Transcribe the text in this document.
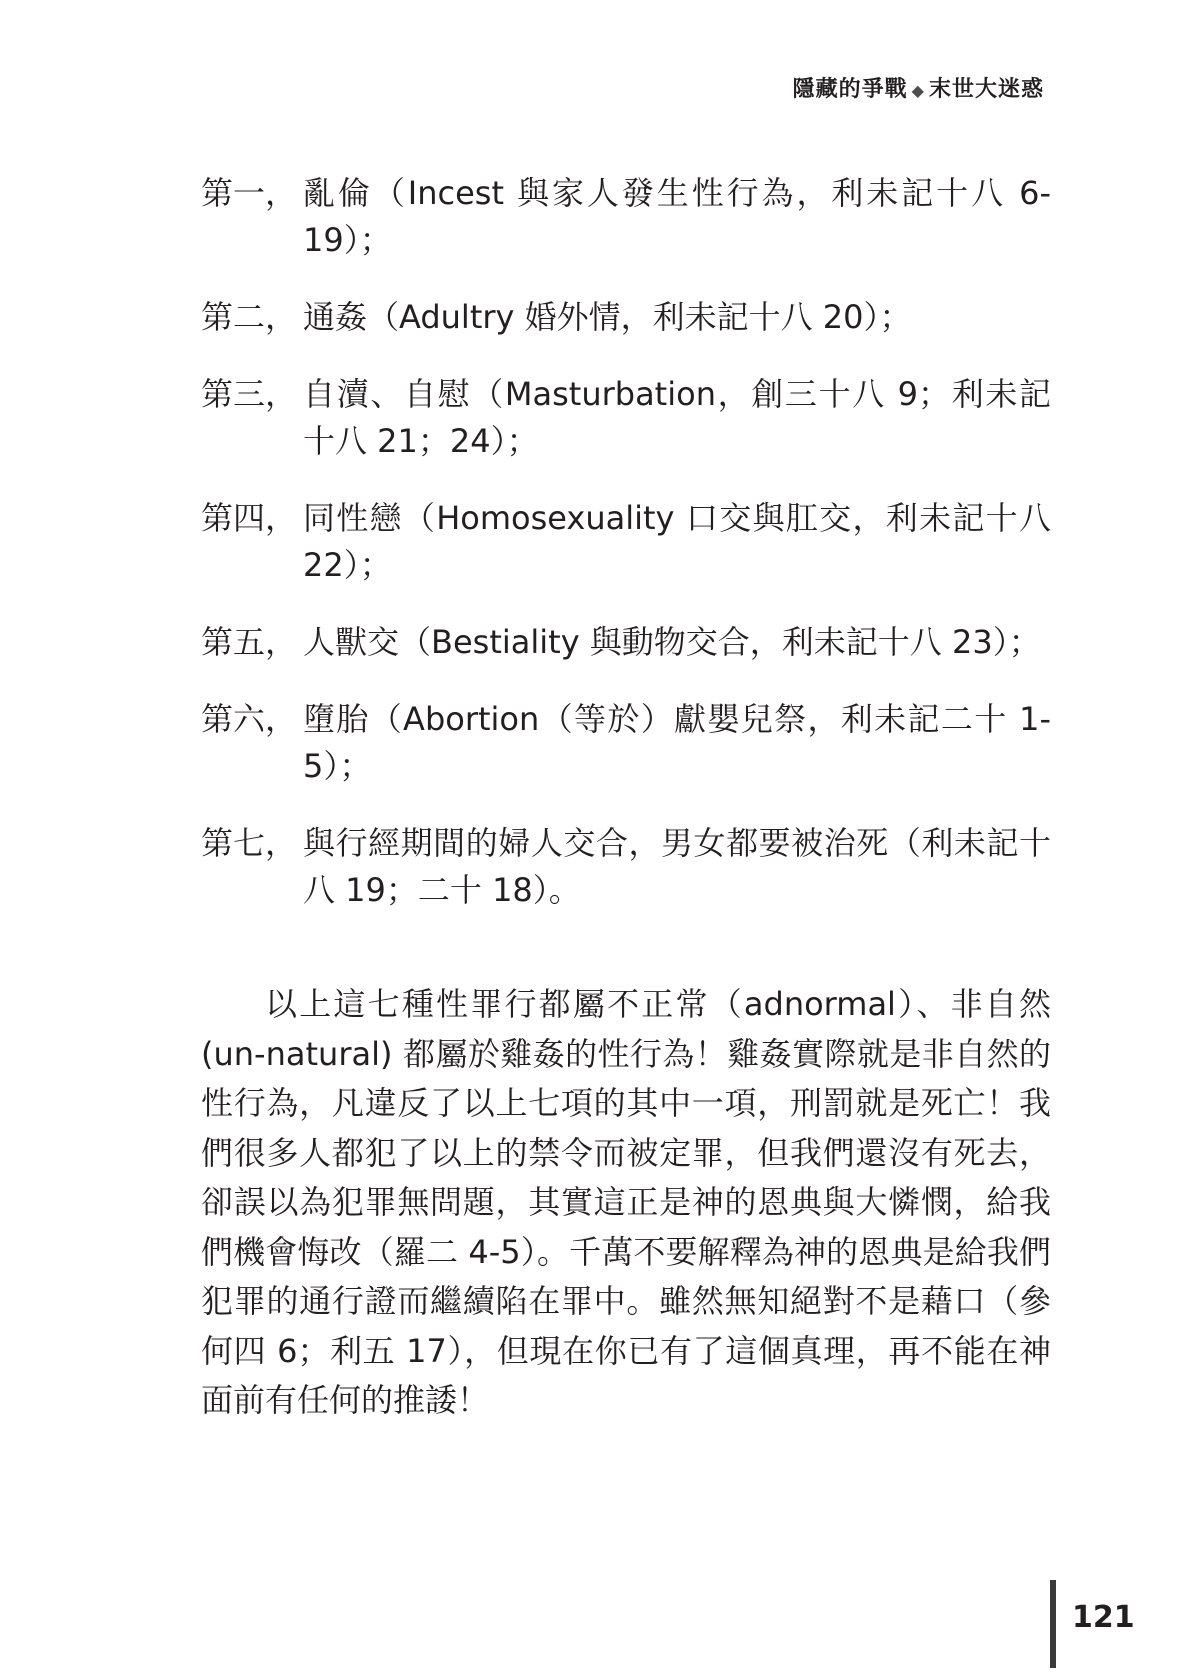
隱藏的爭戰 ◆ 末世大迷惑
第一， 亂倫（Incest 與家人發生性行為，利未記十八 6-19）；
第二， 通姦（Adultry 婚外情，利未記十八 20）；
第三， 自瀆、自慰（Masturbation，創三十八 9；利未記十八 21；24）；
第四， 同性戀（Homosexuality 口交與肛交，利未記十八 22）；
第五， 人獸交（Bestiality 與動物交合，利未記十八 23）；
第六， 墮胎（Abortion（等於）獻嬰兒祭，利未記二十 1-5）；
第七， 與行經期間的婦人交合，男女都要被治死（利未記十八 19；二十 18）。

以上這七種性罪行都屬不正常（adnormal）、非自然 (un-natural) 都屬於雞姦的性行為！雞姦實際就是非自然的性行為，凡違反了以上七項的其中一項，刑罰就是死亡！我們很多人都犯了以上的禁令而被定罪，但我們還沒有死去，卻誤以為犯罪無問題，其實這正是神的恩典與大憐憫，給我們機會悔改（羅二 4-5）。千萬不要解釋為神的恩典是給我們犯罪的通行證而繼續陷在罪中。雖然無知絕對不是藉口（參何四 6；利五 17），但現在你已有了這個真理，再不能在神面前有任何的推諉！

121
